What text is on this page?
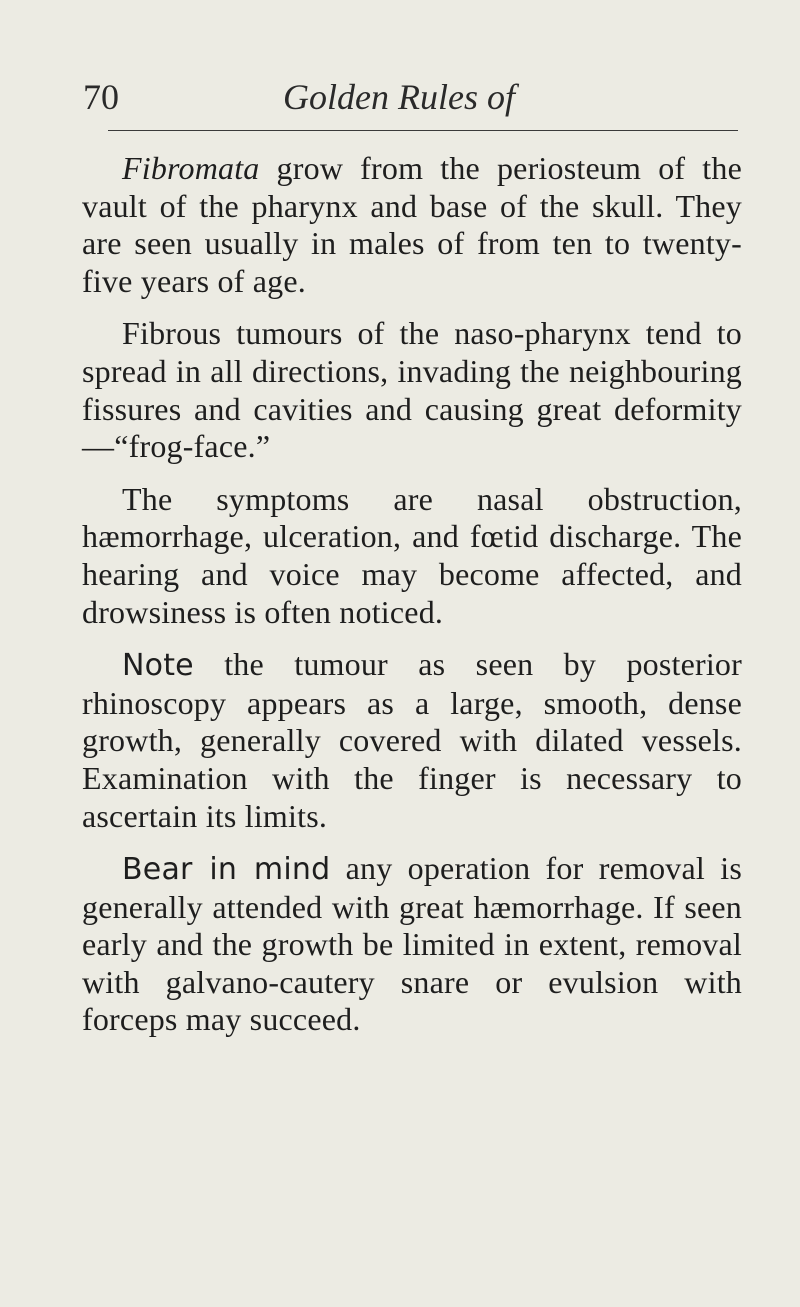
70	Golden Rules of

Fibromata grow from the periosteum of the vault of the pharynx and base of the skull. They are seen usually in males of from ten to twenty-five years of age.

Fibrous tumours of the naso-pharynx tend to spread in all directions, invading the neighbouring fissures and cavities and causing great deformity—“frog-face.”

The symptoms are nasal obstruction, hæmorrhage, ulceration, and fœtid discharge. The hearing and voice may become affected, and drowsiness is often noticed.

Note the tumour as seen by posterior rhinoscopy appears as a large, smooth, dense growth, generally covered with dilated vessels. Examination with the finger is necessary to ascertain its limits.

Bear in mind any operation for removal is generally attended with great hæmorrhage. If seen early and the growth be limited in extent, removal with galvano-cautery snare or evulsion with forceps may succeed.
